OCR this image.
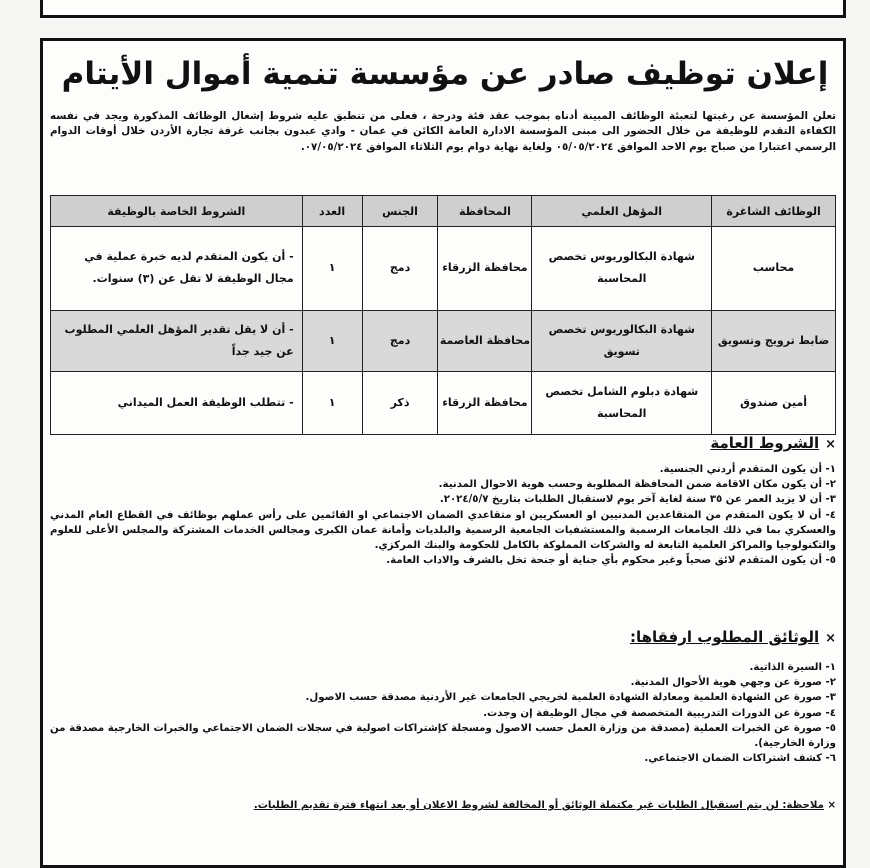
إعلان توظيف صادر عن مؤسسة تنمية أموال الأيتام
تعلن المؤسسة عن رغبتها لتعبئة الوظائف المبينة أدناه بموجب عقد فئة ودرجة ، فعلى من تنطبق عليه شروط إشغال الوظائف المذكورة ويجد في نفسه الكفاءة التقدم للوظيفة من خلال الحضور الى مبنى المؤسسة الادارة العامة الكائن في عمان - وادي عبدون بجانب غرفة تجارة الأردن خلال أوقات الدوام الرسمي اعتبارا من صباح يوم الاحد الموافق ٠٥/٠٥/٢٠٢٤ ولغاية نهاية دوام يوم الثلاثاء الموافق ٠٧/٠٥/٢٠٢٤.
الوظائف الشاغرة	المؤهل العلمي	المحافظة	الجنس	العدد	الشروط الخاصة بالوظيفة
محاسب	شهادة البكالوريوس تخصص المحاسبة	محافظة الزرقاء	دمج	١	- أن يكون المتقدم لديه خبرة عملية في مجال الوظيفة لا تقل عن (٣) سنوات.
ضابط ترويج وتسويق	شهادة البكالوريوس تخصص تسويق	محافظة العاصمة	دمج	١	- أن لا يقل تقدير المؤهل العلمي المطلوب عن جيد جداً
أمين صندوق	شهادة دبلوم الشامل تخصص المحاسبة	محافظة الزرقاء	ذكر	١	- تتطلب الوظيفة العمل الميداني
×الشروط العامة
١- أن يكون المتقدم أردني الجنسية.
٢- أن يكون مكان الاقامة ضمن المحافظة المطلوبة وحسب هوية الاحوال المدنية.
٣- أن لا يزيد العمر عن ٣٥ سنة لغاية آخر يوم لاستقبال الطلبات بتاريخ ٢٠٢٤/٥/٧.
٤- أن لا يكون المتقدم من المتقاعدين المدنيين او العسكريين او متقاعدي الضمان الاجتماعي او القائمين على رأس عملهم بوظائف في القطاع العام المدني والعسكري بما في ذلك الجامعات الرسمية والمستشفيات الجامعية الرسمية والبلديات وأمانة عمان الكبرى ومجالس الخدمات المشتركة والمجلس الأعلى للعلوم والتكنولوجيا والمراكز العلمية التابعة له والشركات المملوكة بالكامل للحكومة والبنك المركزي.
٥- أن يكون المتقدم لائق صحياً وغير محكوم بأي جناية أو جنحة تخل بالشرف والاداب العامة.
×الوثائق المطلوب ارفقاها:
١- السيرة الذاتية.
٢- صورة عن وجهي هوية الأحوال المدنية.
٣- صورة عن الشهادة العلمية ومعادلة الشهادة العلمية لخريجي الجامعات غير الأردنية مصدقة حسب الاصول.
٤- صورة عن الدورات التدريبية المتخصصة في مجال الوظيفة إن وجدت.
٥- صورة عن الخبرات العملية (مصدقة من وزارة العمل حسب الاصول ومسجلة كإشتراكات اصولية في سجلات الضمان الاجتماعي والخبرات الخارجية مصدقة من وزارة الخارجية).
٦- كشف اشتراكات الضمان الاجتماعي.
× ملاحظة: لن يتم استقبال الطلبات غير مكتملة الوثائق أو المخالفة لشروط الاعلان أو بعد انتهاء فترة تقديم الطلبات.
